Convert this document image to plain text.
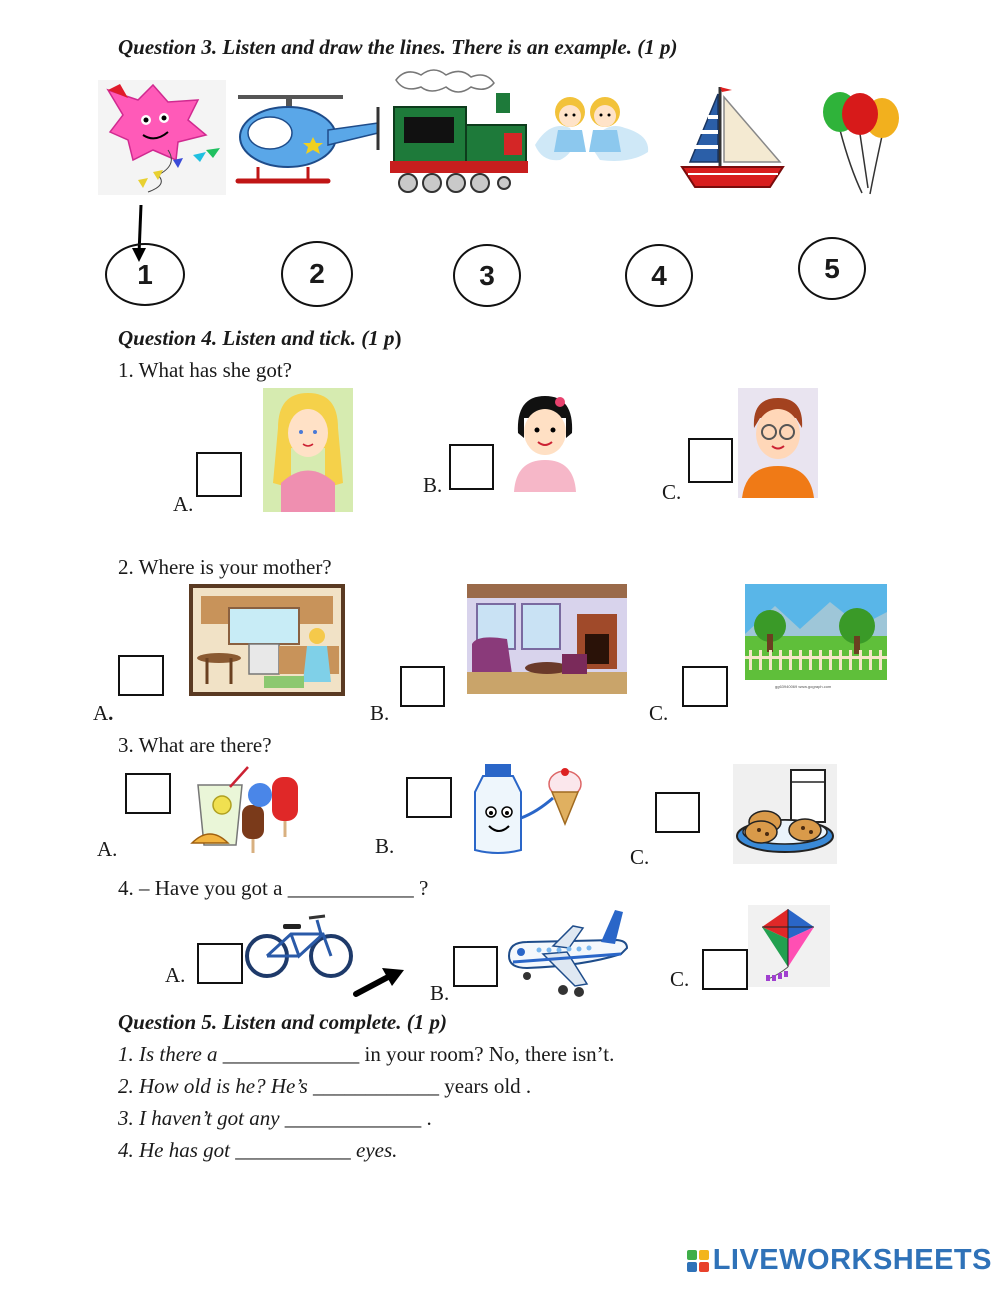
Question 3. Listen and draw the lines. There is an example. (1 p)
1	2	3	4	5
Question 4. Listen and tick. (1 p)
1. What has she got?
A.
B.	C.
2. Where is your mother?
A.	B.	C.
gg63940069 www.gograph.com
3. What are there?
A.	B.	C.
4. – Have you got a ____________ ?
A.
B.
C.
Question 5. Listen and complete. (1 p)
1. Is there a _____________ in your room? No, there isn’t.
2. How old is he? He’s ____________ years old .
3. I haven’t got any _____________ .
4. He has got ___________ eyes.
LIVEWORKSHEETS
